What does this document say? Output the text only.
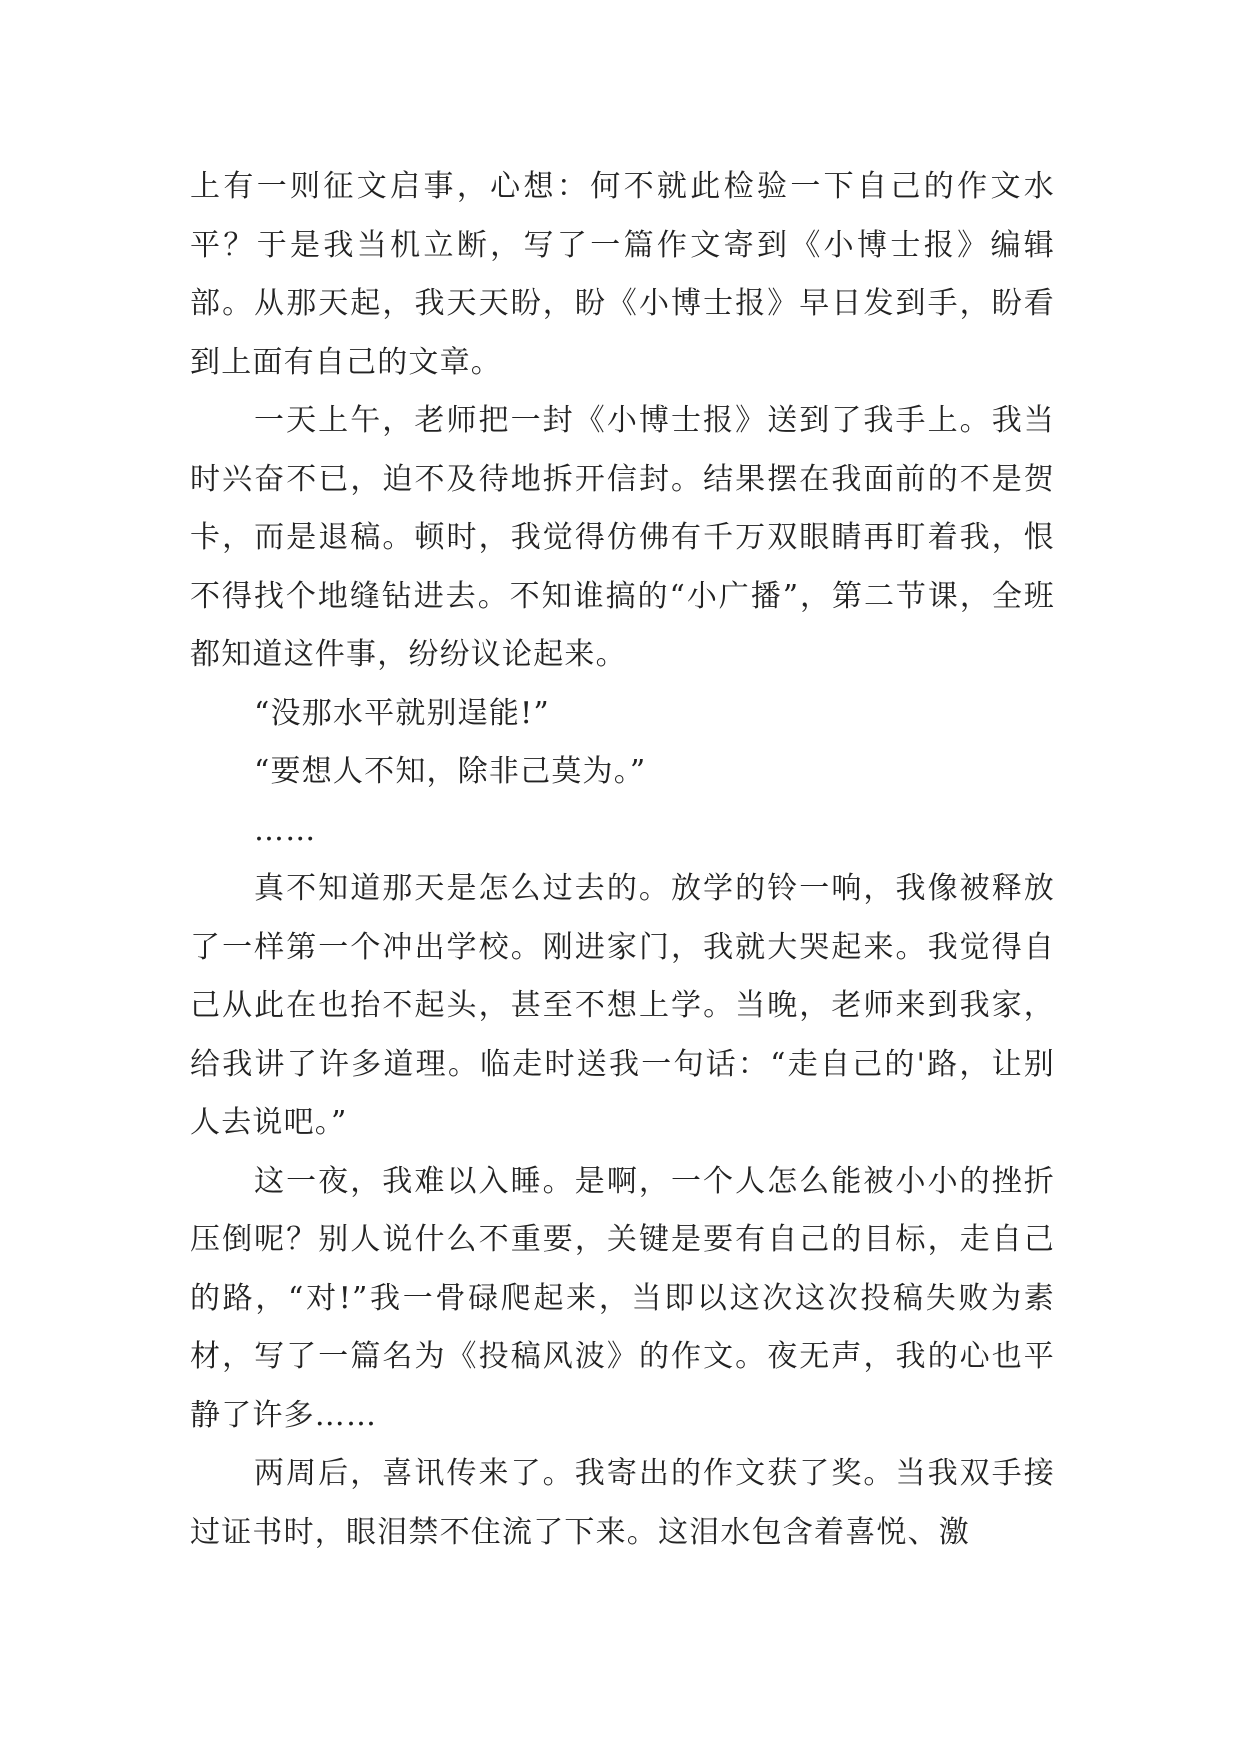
上有一则征文启事，心想：何不就此检验一下自己的作文水平？于是我当机立断，写了一篇作文寄到《小博士报》编辑部。从那天起，我天天盼，盼《小博士报》早日发到手，盼看到上面有自己的文章。

一天上午，老师把一封《小博士报》送到了我手上。我当时兴奋不已，迫不及待地拆开信封。结果摆在我面前的不是贺卡，而是退稿。顿时，我觉得仿佛有千万双眼睛再盯着我，恨不得找个地缝钻进去。不知谁搞的“小广播”，第二节课，全班都知道这件事，纷纷议论起来。

“没那水平就别逞能!”

“要想人不知，除非己莫为。”

……

真不知道那天是怎么过去的。放学的铃一响，我像被释放了一样第一个冲出学校。刚进家门，我就大哭起来。我觉得自己从此在也抬不起头，甚至不想上学。当晚，老师来到我家，给我讲了许多道理。临走时送我一句话：“走自己的'路，让别人去说吧。”

这一夜，我难以入睡。是啊，一个人怎么能被小小的挫折压倒呢？别人说什么不重要，关键是要有自己的目标，走自己的路，“对!”我一骨碌爬起来，当即以这次这次投稿失败为素材，写了一篇名为《投稿风波》的作文。夜无声，我的心也平静了许多……

两周后，喜讯传来了。我寄出的作文获了奖。当我双手接过证书时，眼泪禁不住流了下来。这泪水包含着喜悦、激
